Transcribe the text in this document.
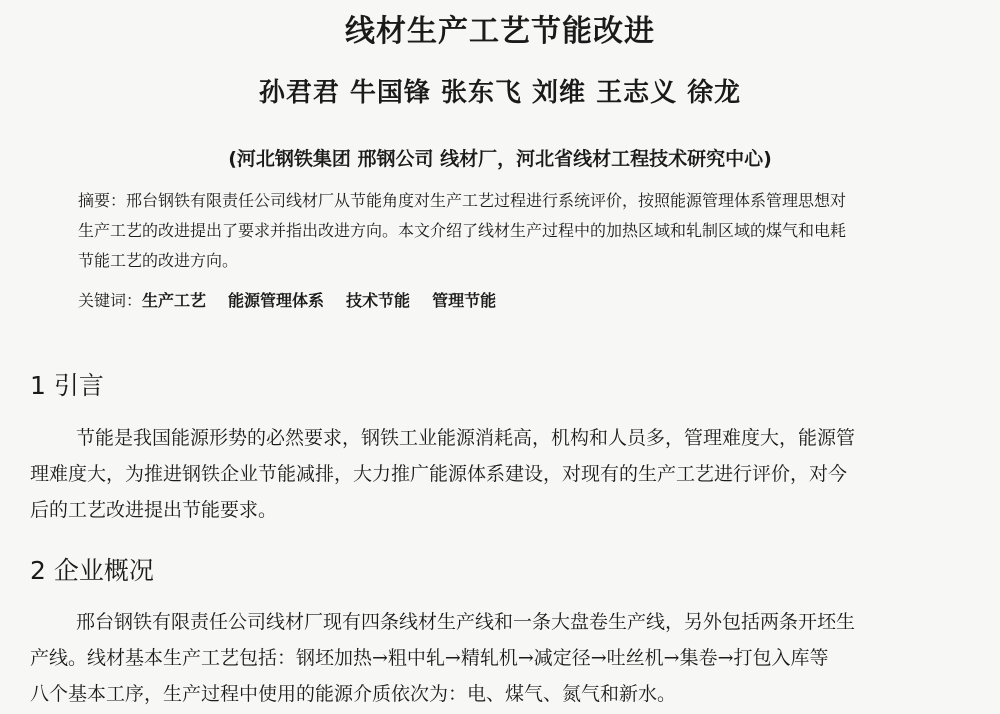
线材生产工艺节能改进
孙君君 牛国锋 张东飞 刘维 王志义 徐龙
(河北钢铁集团 邢钢公司 线材厂，河北省线材工程技术研究中心)
摘要：邢台钢铁有限责任公司线材厂从节能角度对生产工艺过程进行系统评价，按照能源管理体系管理思想对
生产工艺的改进提出了要求并指出改进方向。本文介绍了线材生产过程中的加热区域和轧制区域的煤气和电耗
节能工艺的改进方向。
关键词：生产工艺 能源管理体系 技术节能 管理节能
1 引言
节能是我国能源形势的必然要求，钢铁工业能源消耗高，机构和人员多，管理难度大，能源管
理难度大，为推进钢铁企业节能减排，大力推广能源体系建设，对现有的生产工艺进行评价，对今
后的工艺改进提出节能要求。
2 企业概况
邢台钢铁有限责任公司线材厂现有四条线材生产线和一条大盘卷生产线，另外包括两条开坯生
产线。线材基本生产工艺包括：钢坯加热→粗中轧→精轧机→减定径→吐丝机→集卷→打包入库等
八个基本工序，生产过程中使用的能源介质依次为：电、煤气、氮气和新水。
